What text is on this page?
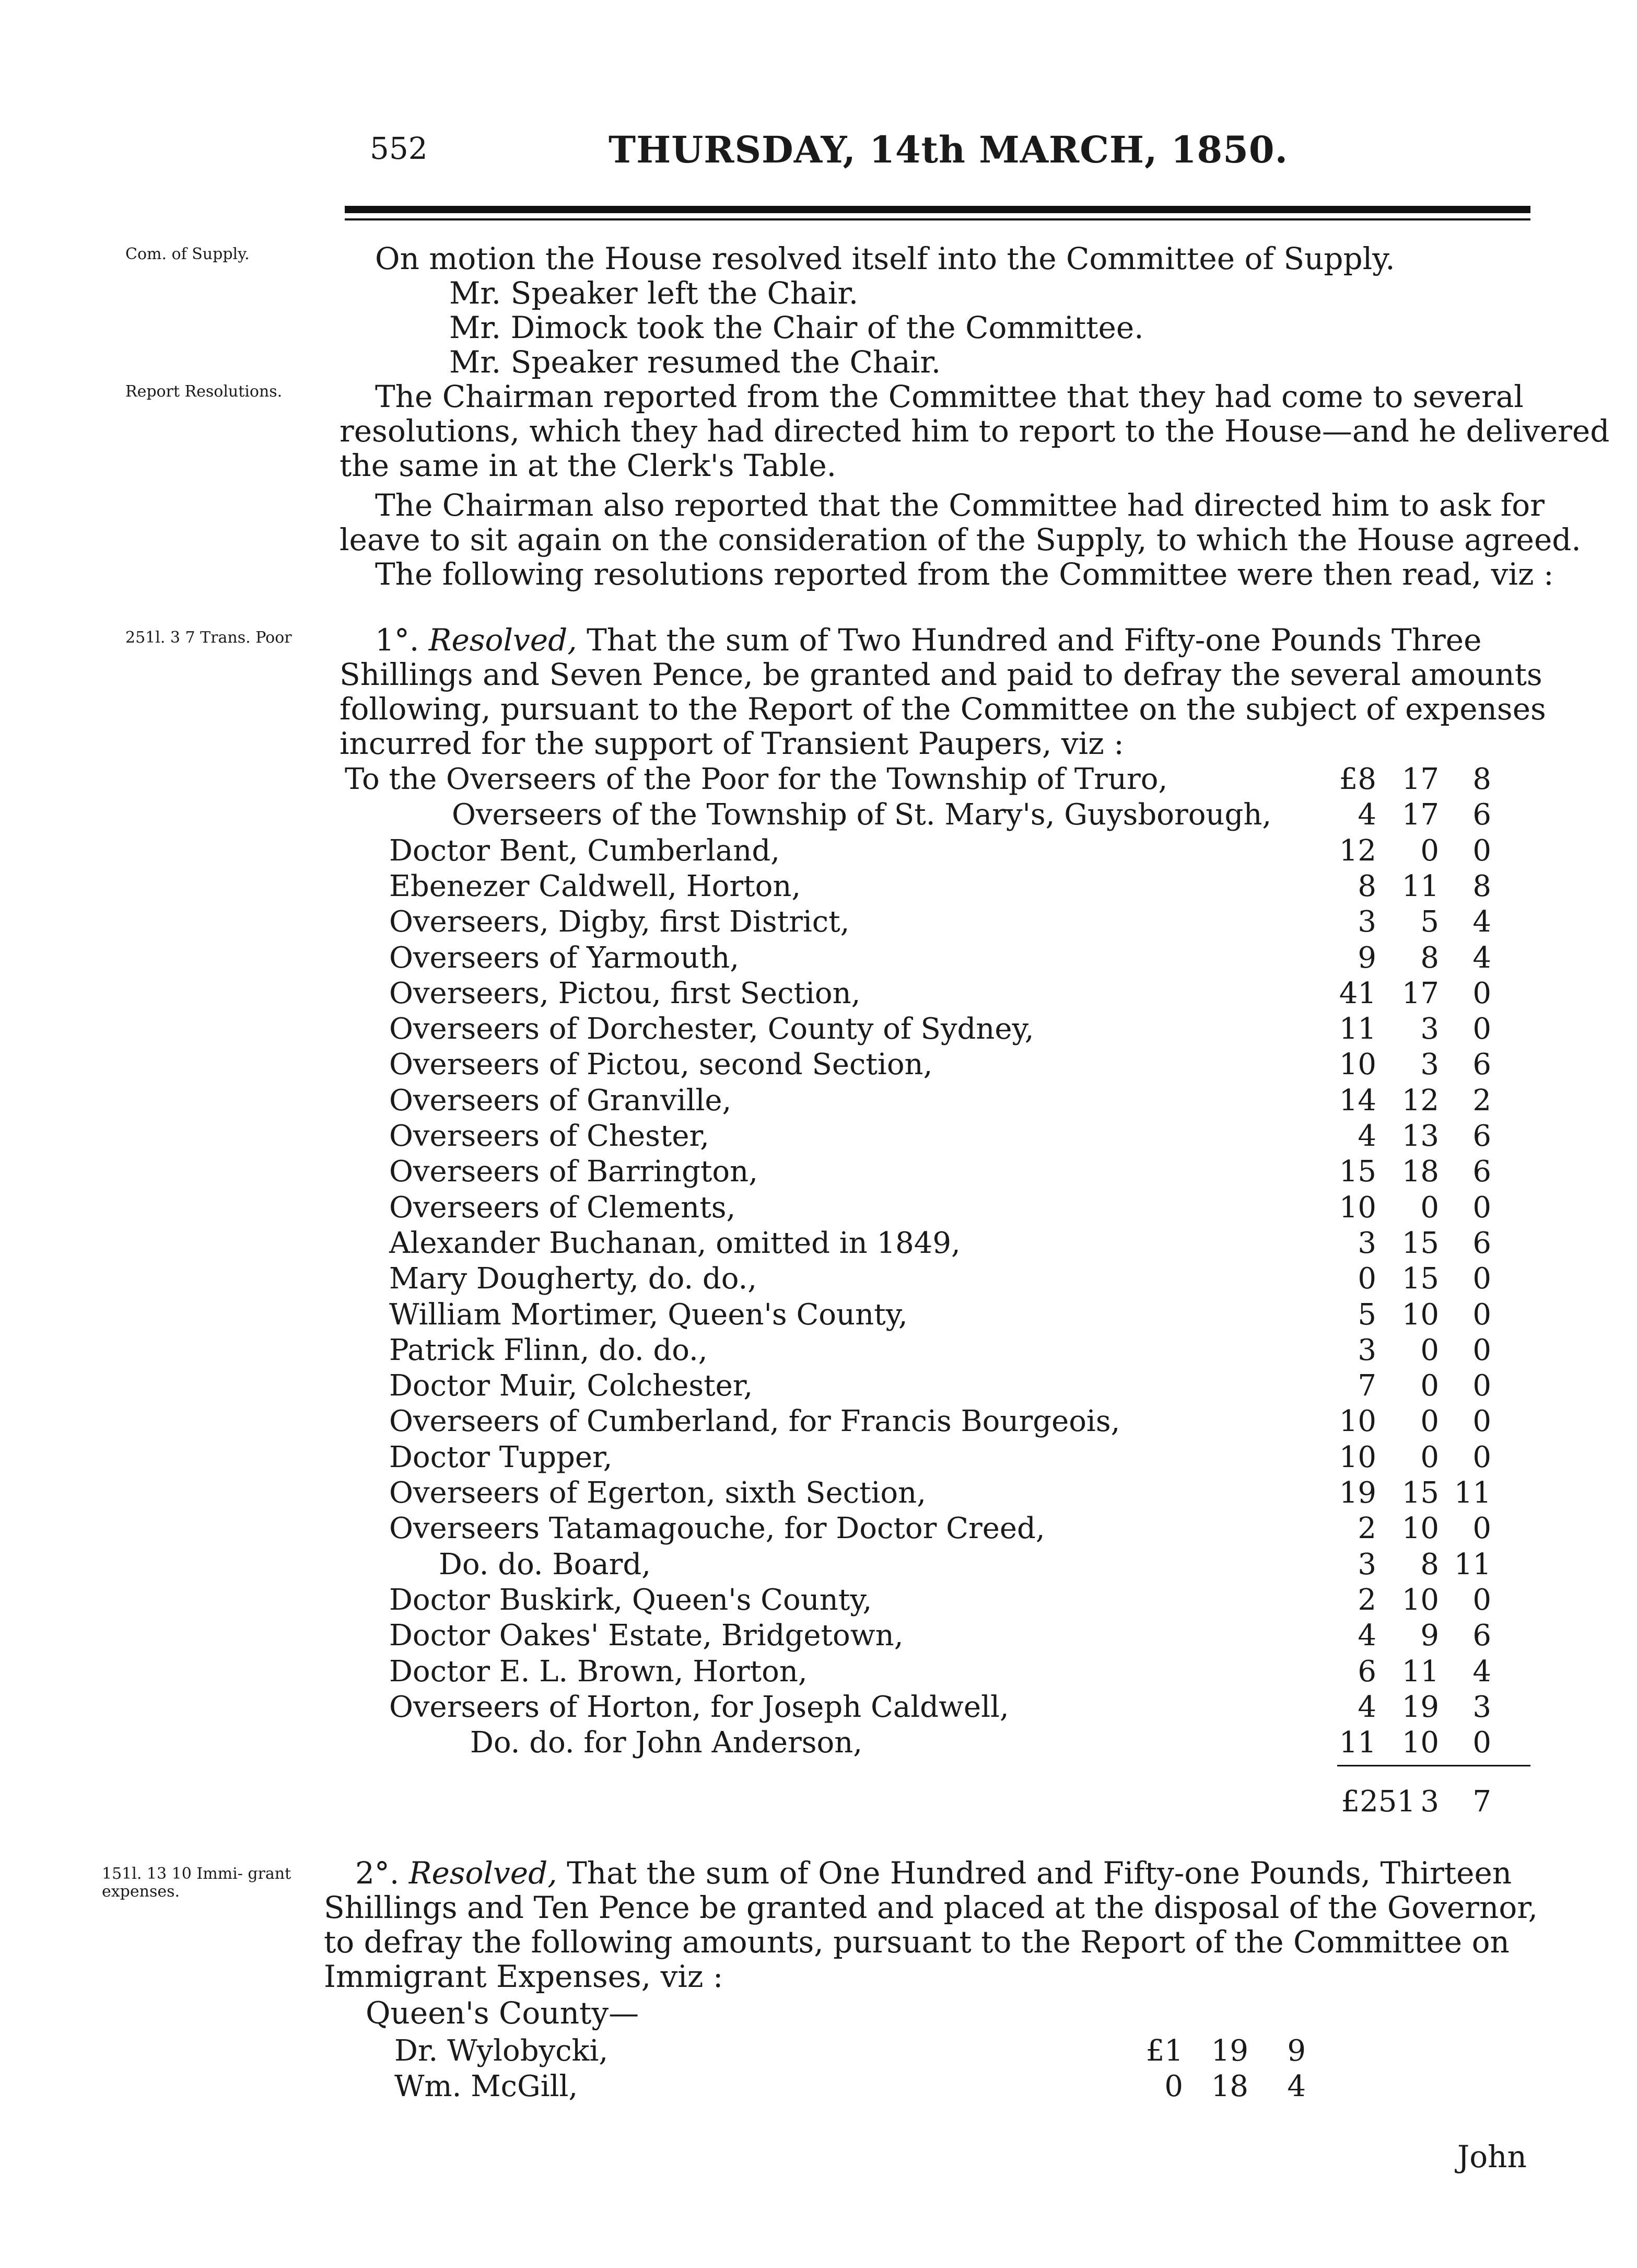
552	THURSDAY, 14th MARCH, 1850.
Com. of Supply.
Report Resolutions.
251l. 3 7 Trans. Poor
151l. 13 10 Immi- grant expenses.
On motion the House resolved itself into the Committee of Supply.
Mr. Speaker left the Chair.
Mr. Dimock took the Chair of the Committee.
Mr. Speaker resumed the Chair.
The Chairman reported from the Committee that they had come to several
resolutions, which they had directed him to report to the House—and he delivered
the same in at the Clerk's Table.
The Chairman also reported that the Committee had directed him to ask for
leave to sit again on the consideration of the Supply, to which the House agreed.
The following resolutions reported from the Committee were then read, viz :
1°. Resolved, That the sum of Two Hundred and Fifty-one Pounds Three
Shillings and Seven Pence, be granted and paid to defray the several amounts
following, pursuant to the Report of the Committee on the subject of expenses
incurred for the support of Transient Paupers, viz :
To the Overseers of the Poor for the Township of Truro,	£8 17	8
Overseers of the Township of St. Mary's, Guysborough,	4 17	6
Doctor Bent, Cumberland,	12	0	0
Ebenezer Caldwell, Horton,	8 11	8
Overseers, Digby, first District,	3	5	4
Overseers of Yarmouth,	9	8	4
Overseers, Pictou, first Section,	41 17	0
Overseers of Dorchester, County of Sydney,	11	3	0
Overseers of Pictou, second Section,	10	3	6
Overseers of Granville,	14 12	2
Overseers of Chester,	4 13	6
Overseers of Barrington,	15 18	6
Overseers of Clements,	10	0	0
Alexander Buchanan, omitted in 1849,	3 15	6
Mary Dougherty, do. do.,	0 15	0
William Mortimer, Queen's County,	5 10	0
Patrick Flinn, do. do.,	3	0	0
Doctor Muir, Colchester,	7	0	0
Overseers of Cumberland, for Francis Bourgeois,	10	0	0
Doctor Tupper,	10	0	0
Overseers of Egerton, sixth Section,	19 15 11
Overseers Tatamagouche, for Doctor Creed,	2 10	0
Do. do. Board,	3	8 11
Doctor Buskirk, Queen's County,	2 10	0
Doctor Oakes' Estate, Bridgetown,	4	9	6
Doctor E. L. Brown, Horton,	6 11	4
Overseers of Horton, for Joseph Caldwell,	4 19	3
Do. do. for John Anderson,	11 10	0
£251 3	7
2°. Resolved, That the sum of One Hundred and Fifty-one Pounds, Thirteen
Shillings and Ten Pence be granted and placed at the disposal of the Governor,
to defray the following amounts, pursuant to the Report of the Committee on
Immigrant Expenses, viz :
Queen's County—
Dr. Wylobycki,	£1 19	9
Wm. McGill,	0 18	4
John
